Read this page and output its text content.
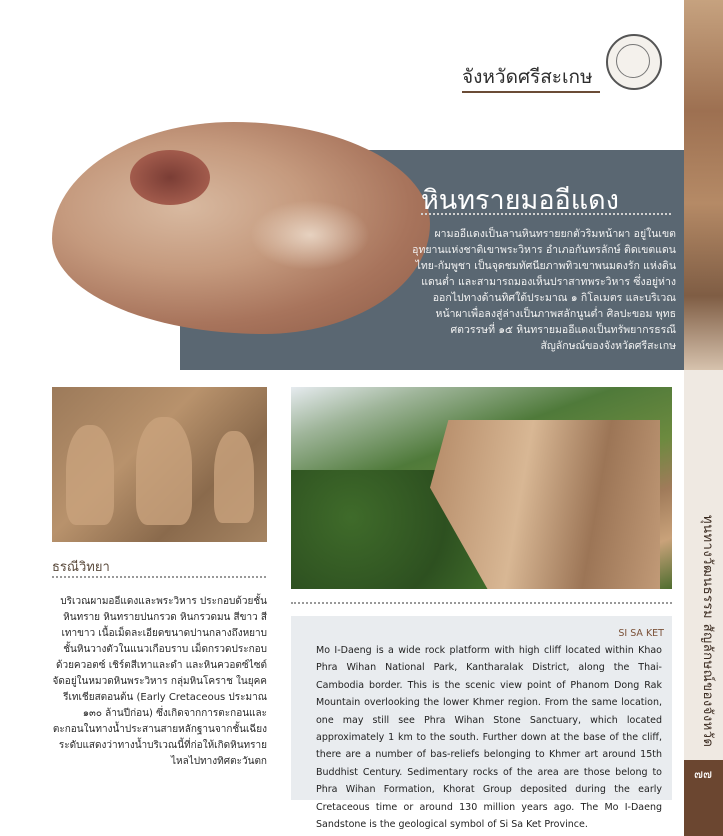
ทุนทางวัฒนธรรม สัญลักษณ์ของจังหวัด
๗๗
จังหวัดศรีสะเกษ
หินทรายมออีแดง
ผามออีแดงเป็นลานหินทรายยกตัวริมหน้าผา อยู่ในเขตอุทยานแห่งชาติเขาพระวิหาร อำเภอกันทรลักษ์ ติดเขตแดนไทย-กัมพูชา เป็นจุดชมทัศนียภาพทิวเขาพนมดงรัก แห่งดินแดนต่ำ และสามารถมองเห็นปราสาทพระวิหาร ซึ่งอยู่ห่างออกไปทางด้านทิศใต้ประมาณ ๑ กิโลเมตร และบริเวณหน้าผาเพื่อลงสู่ล่างเป็นภาพสลักนูนต่ำ ศิลปะขอม พุทธศตวรรษที่ ๑๕ หินทรายมออีแดงเป็นทรัพยากรธรณีสัญลักษณ์ของจังหวัดศรีสะเกษ
ธรณีวิทยา
บริเวณผามออีแดงและพระวิหาร ประกอบด้วยชั้นหินทราย หินทรายปนกรวด หินกรวดมน สีขาว สีเทาขาว เนื้อเม็ดละเอียดขนาดปานกลางถึงหยาบ ชั้นหินวางตัวในแนวเกือบราบ เม็ดกรวดประกอบด้วยควอตซ์ เชิร์ตสีเทาและดำ และหินควอตซ์ไซต์ จัดอยู่ในหมวดหินพระวิหาร กลุ่มหินโคราช ในยุคครีเทเชียสตอนต้น (Early Cretaceous ประมาณ ๑๓๐ ล้านปีก่อน) ซึ่งเกิดจากการตะกอนและตะกอนในทางน้ำประสานสายหลักฐานจากชั้นเฉียงระดับแสดงว่าทางน้ำบริเวณนี้ที่ก่อให้เกิดหินทรายไหลไปทางทิศตะวันตก
SI SA KET
Mo I-Daeng is a wide rock platform with high cliff located within Khao Phra Wihan National Park, Kantharalak District, along the Thai-Cambodia border. This is the scenic view point of Phanom Dong Rak Mountain overlooking the lower Khmer region. From the same location, one may still see Phra Wihan Stone Sanctuary, which located approximately 1 km to the south. Further down at the base of the cliff, there are a number of bas-reliefs belonging to Khmer art around 15th Buddhist Century. Sedimentary rocks of the area are those belong to Phra Wihan Formation, Khorat Group deposited during the early Cretaceous time or around 130 million years ago. The Mo I-Daeng Sandstone is the geological symbol of Si Sa Ket Province.
